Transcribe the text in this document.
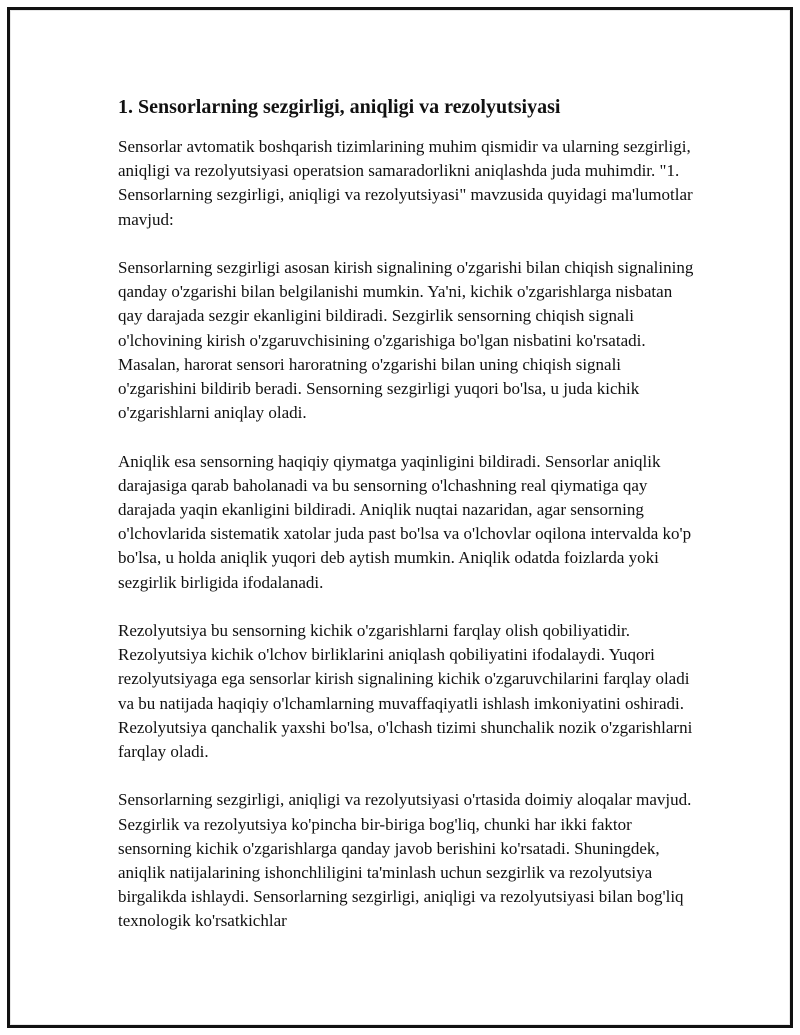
1. Sensorlarning sezgirligi, aniqligi va rezolyutsiyasi

Sensorlar avtomatik boshqarish tizimlarining muhim qismidir va ularning sezgirligi, aniqligi va rezolyutsiyasi operatsion samaradorlikni aniqlashda juda muhimdir. "1. Sensorlarning sezgirligi, aniqligi va rezolyutsiyasi" mavzusida quyidagi ma'lumotlar mavjud:

Sensorlarning sezgirligi asosan kirish signalining o'zgarishi bilan chiqish signalining qanday o'zgarishi bilan belgilanishi mumkin. Ya'ni, kichik o'zgarishlarga nisbatan qay darajada sezgir ekanligini bildiradi. Sezgirlik sensorning chiqish signali o'lchovining kirish o'zgaruvchisining o'zgarishiga bo'lgan nisbatini ko'rsatadi. Masalan, harorat sensori haroratning o'zgarishi bilan uning chiqish signali o'zgarishini bildirib beradi. Sensorning sezgirligi yuqori bo'lsa, u juda kichik o'zgarishlarni aniqlay oladi.

Aniqlik esa sensorning haqiqiy qiymatga yaqinligini bildiradi. Sensorlar aniqlik darajasiga qarab baholanadi va bu sensorning o'lchashning real qiymatiga qay darajada yaqin ekanligini bildiradi. Aniqlik nuqtai nazaridan, agar sensorning o'lchovlarida sistematik xatolar juda past bo'lsa va o'lchovlar oqilona intervalda ko'p bo'lsa, u holda aniqlik yuqori deb aytish mumkin. Aniqlik odatda foizlarda yoki sezgirlik birligida ifodalanadi.

Rezolyutsiya bu sensorning kichik o'zgarishlarni farqlay olish qobiliyatidir. Rezolyutsiya kichik o'lchov birliklarini aniqlash qobiliyatini ifodalaydi. Yuqori rezolyutsiyaga ega sensorlar kirish signalining kichik o'zgaruvchilarini farqlay oladi va bu natijada haqiqiy o'lchamlarning muvaffaqiyatli ishlash imkoniyatini oshiradi. Rezolyutsiya qanchalik yaxshi bo'lsa, o'lchash tizimi shunchalik nozik o'zgarishlarni farqlay oladi.

Sensorlarning sezgirligi, aniqligi va rezolyutsiyasi o'rtasida doimiy aloqalar mavjud. Sezgirlik va rezolyutsiya ko'pincha bir-biriga bog'liq, chunki har ikki faktor sensorning kichik o'zgarishlarga qanday javob berishini ko'rsatadi. Shuningdek, aniqlik natijalarining ishonchliligini ta'minlash uchun sezgirlik va rezolyutsiya birgalikda ishlaydi. Sensorlarning sezgirligi, aniqligi va rezolyutsiyasi bilan bog'liq texnologik ko'rsatkichlar
